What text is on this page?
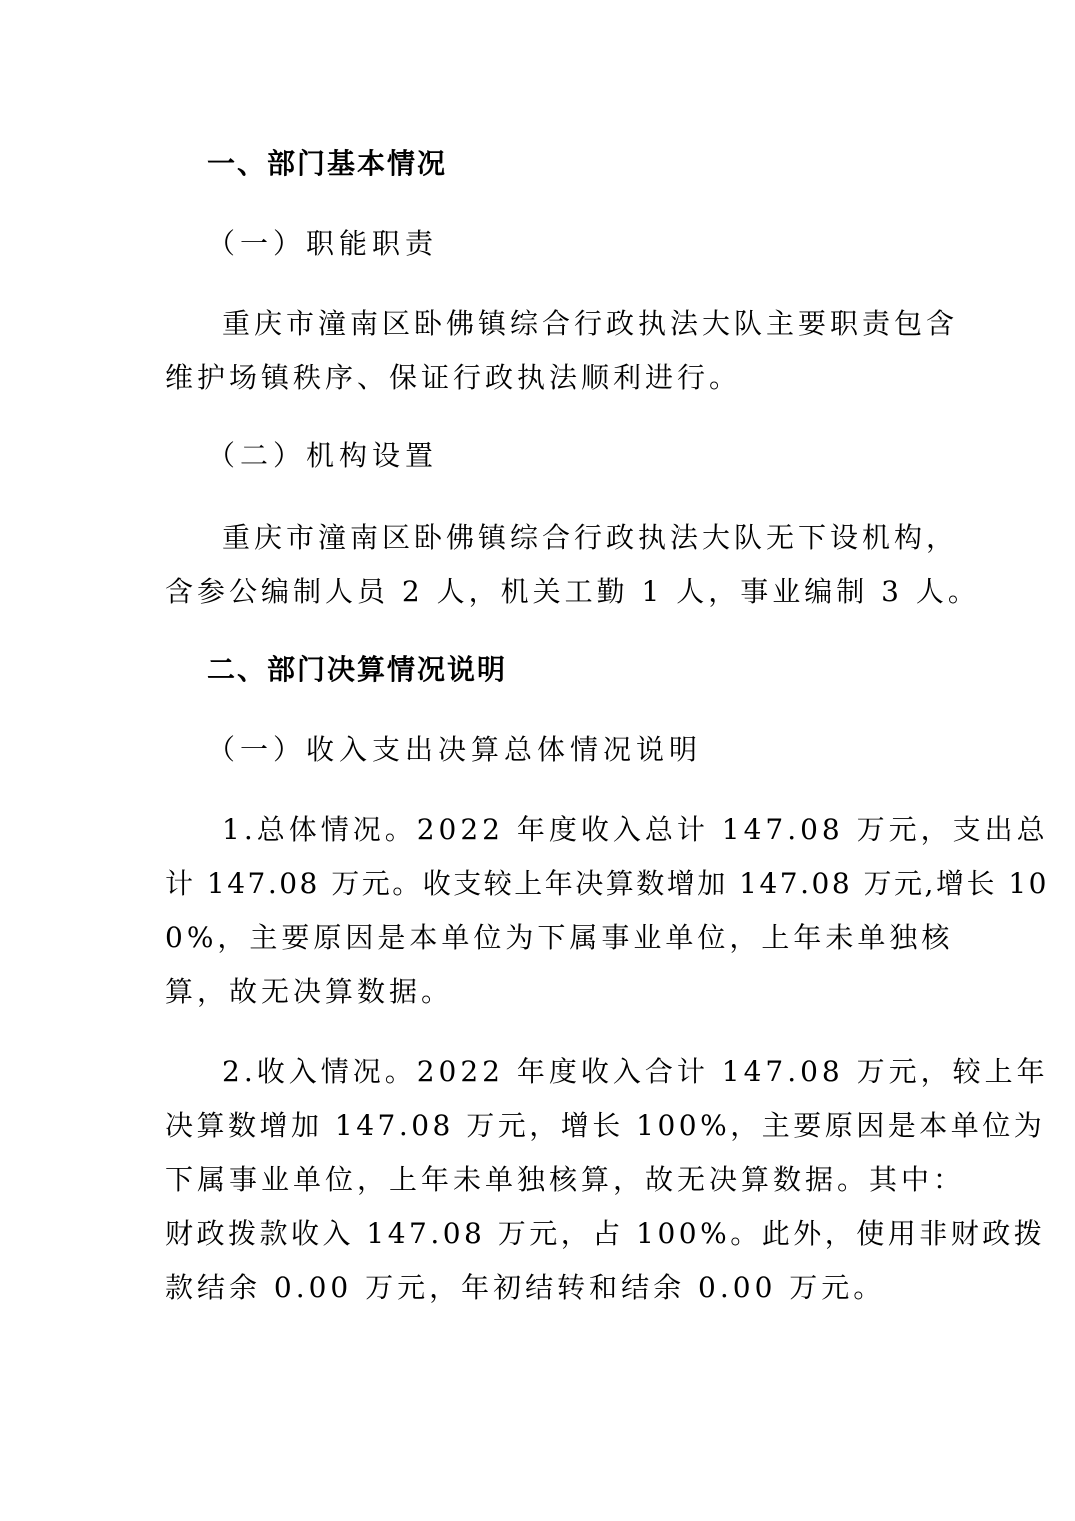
一、部门基本情况
（一）职能职责
重庆市潼南区卧佛镇综合行政执法大队主要职责包含
维护场镇秩序、保证行政执法顺利进行。
（二）机构设置
重庆市潼南区卧佛镇综合行政执法大队无下设机构，
含参公编制人员 2 人，机关工勤 1 人，事业编制 3 人。
二、部门决算情况说明
（一）收入支出决算总体情况说明
1.总体情况。2022 年度收入总计 147.08 万元，支出总
计 147.08 万元。收支较上年决算数增加 147.08 万元,增长 10
0%，主要原因是本单位为下属事业单位，上年未单独核
算，故无决算数据。
2.收入情况。2022 年度收入合计 147.08 万元，较上年
决算数增加 147.08 万元，增长 100%，主要原因是本单位为
下属事业单位，上年未单独核算，故无决算数据。其中：
财政拨款收入 147.08 万元，占 100%。此外，使用非财政拨
款结余 0.00 万元，年初结转和结余 0.00 万元。
